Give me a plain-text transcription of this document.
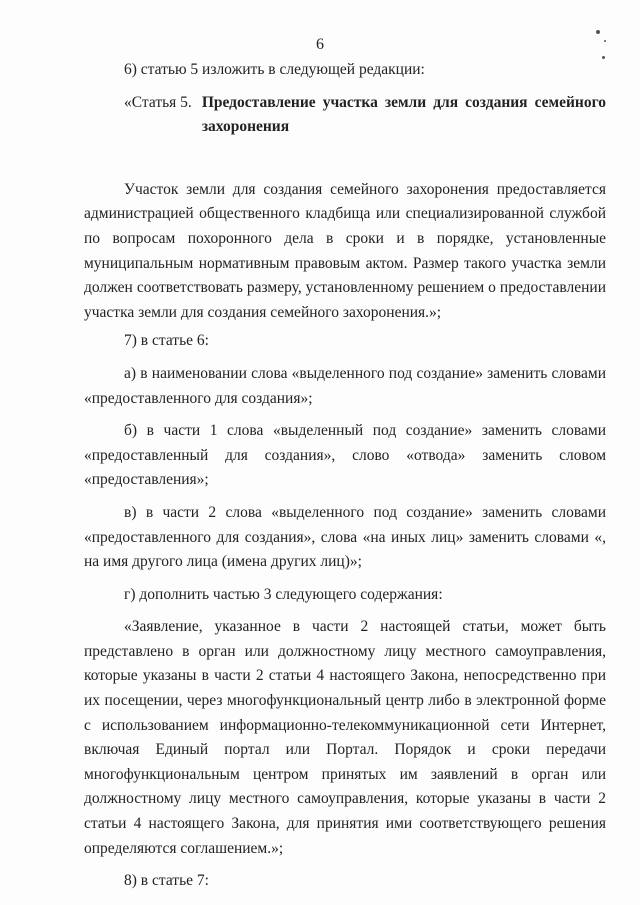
6

6) статью 5 изложить в следующей редакции:

«Статья 5. Предоставление участка земли для создания семейного захоронения

Участок земли для создания семейного захоронения предоставляется администрацией общественного кладбища или специализированной службой по вопросам похоронного дела в сроки и в порядке, установленные муниципальным нормативным правовым актом. Размер такого участка земли должен соответствовать размеру, установленному решением о предоставлении участка земли для создания семейного захоронения.»;

7) в статье 6:

а) в наименовании слова «выделенного под создание» заменить словами «предоставленного для создания»;

б) в части 1 слова «выделенный под создание» заменить словами «предоставленный для создания», слово «отвода» заменить словом «предоставления»;

в) в части 2 слова «выделенного под создание» заменить словами «предоставленного для создания», слова «на иных лиц» заменить словами «, на имя другого лица (имена других лиц)»;

г) дополнить частью 3 следующего содержания:

«Заявление, указанное в части 2 настоящей статьи, может быть представлено в орган или должностному лицу местного самоуправления, которые указаны в части 2 статьи 4 настоящего Закона, непосредственно при их посещении, через многофункциональный центр либо в электронной форме с использованием информационно-телекоммуникационной сети Интернет, включая Единый портал или Портал. Порядок и сроки передачи многофункциональным центром принятых им заявлений в орган или должностному лицу местного самоуправления, которые указаны в части 2 статьи 4 настоящего Закона, для принятия ими соответствующего решения определяются соглашением.»;

8) в статье 7:
